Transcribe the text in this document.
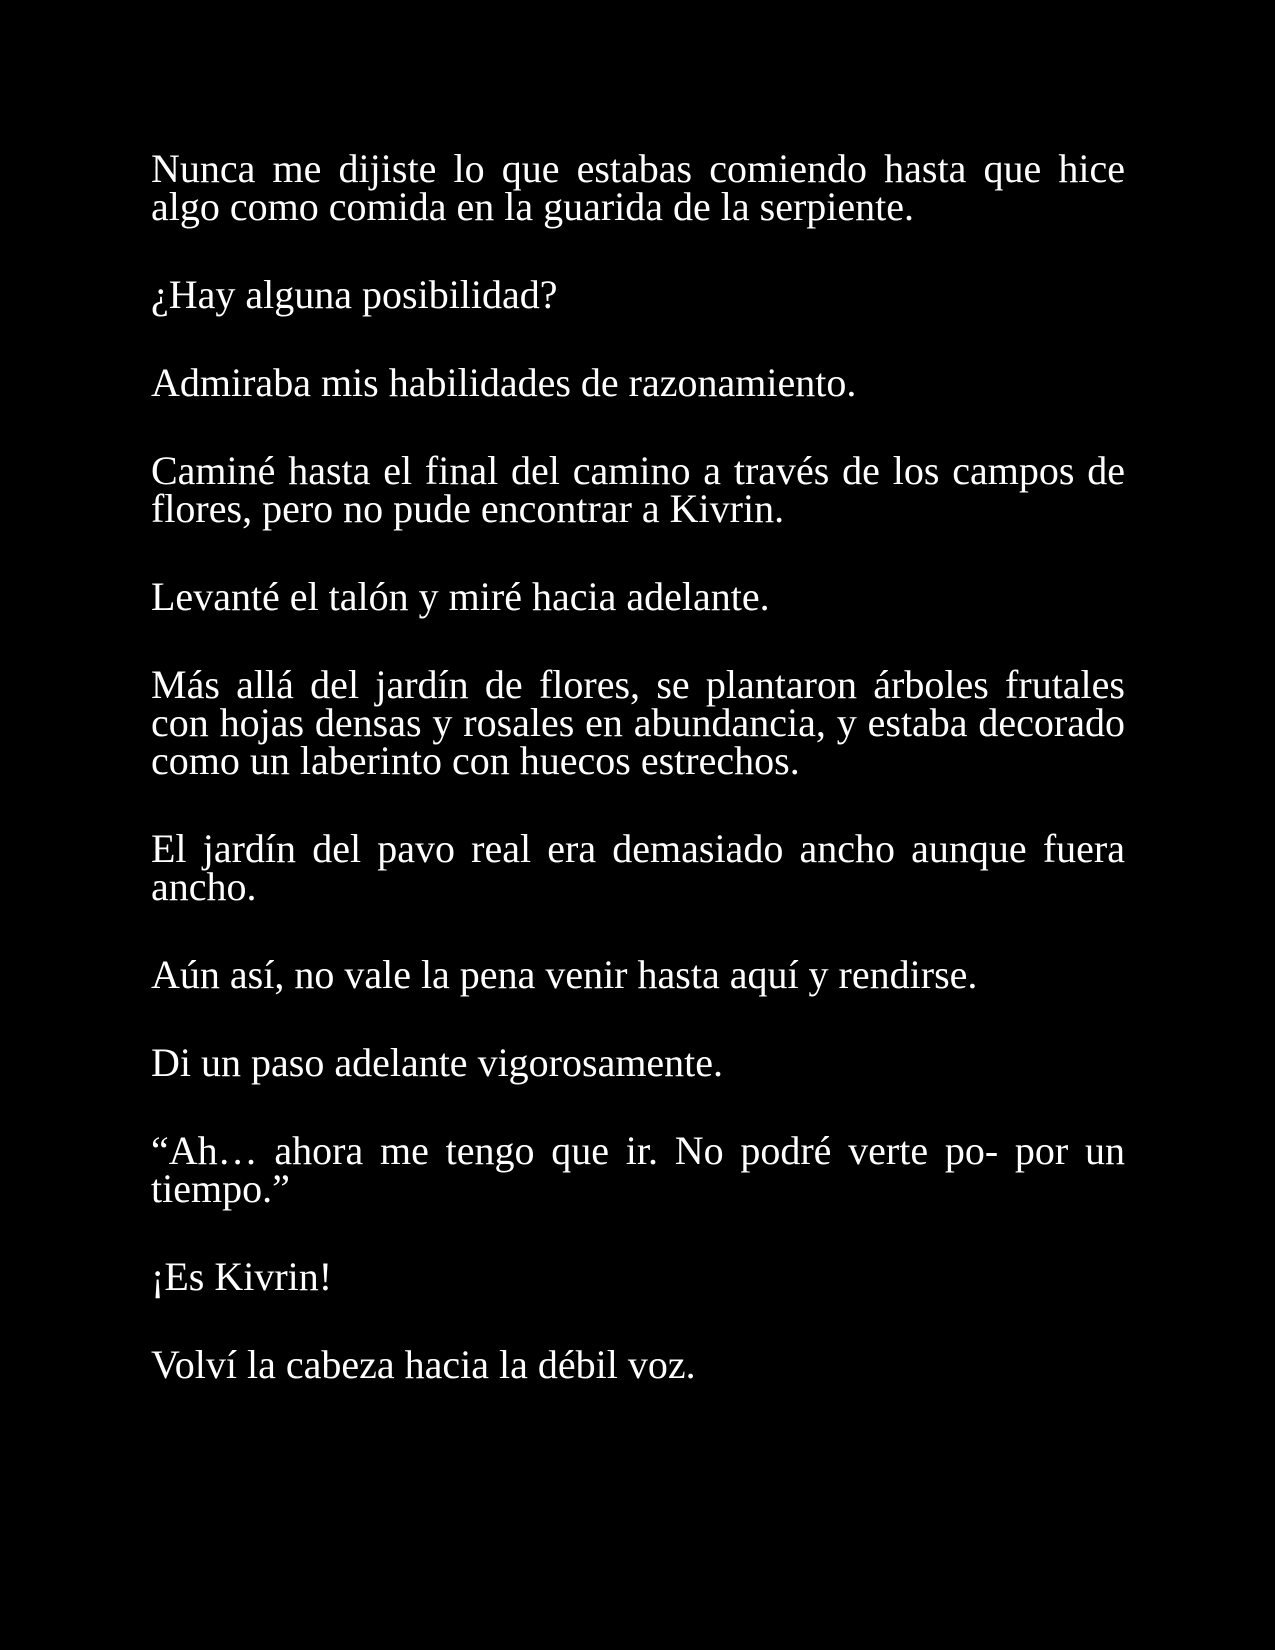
Nunca me dijiste lo que estabas comiendo hasta que hice algo como comida en la guarida de la serpiente.

¿Hay alguna posibilidad?

Admiraba mis habilidades de razonamiento.

Caminé hasta el final del camino a través de los campos de flores, pero no pude encontrar a Kivrin.

Levanté el talón y miré hacia adelante.

Más allá del jardín de flores, se plantaron árboles frutales con hojas densas y rosales en abundancia, y estaba decorado como un laberinto con huecos estrechos.

El jardín del pavo real era demasiado ancho aunque fuera ancho.

Aún así, no vale la pena venir hasta aquí y rendirse.

Di un paso adelante vigorosamente.

“Ah… ahora me tengo que ir. No podré verte po- por un tiempo.”

¡Es Kivrin!

Volví la cabeza hacia la débil voz.
